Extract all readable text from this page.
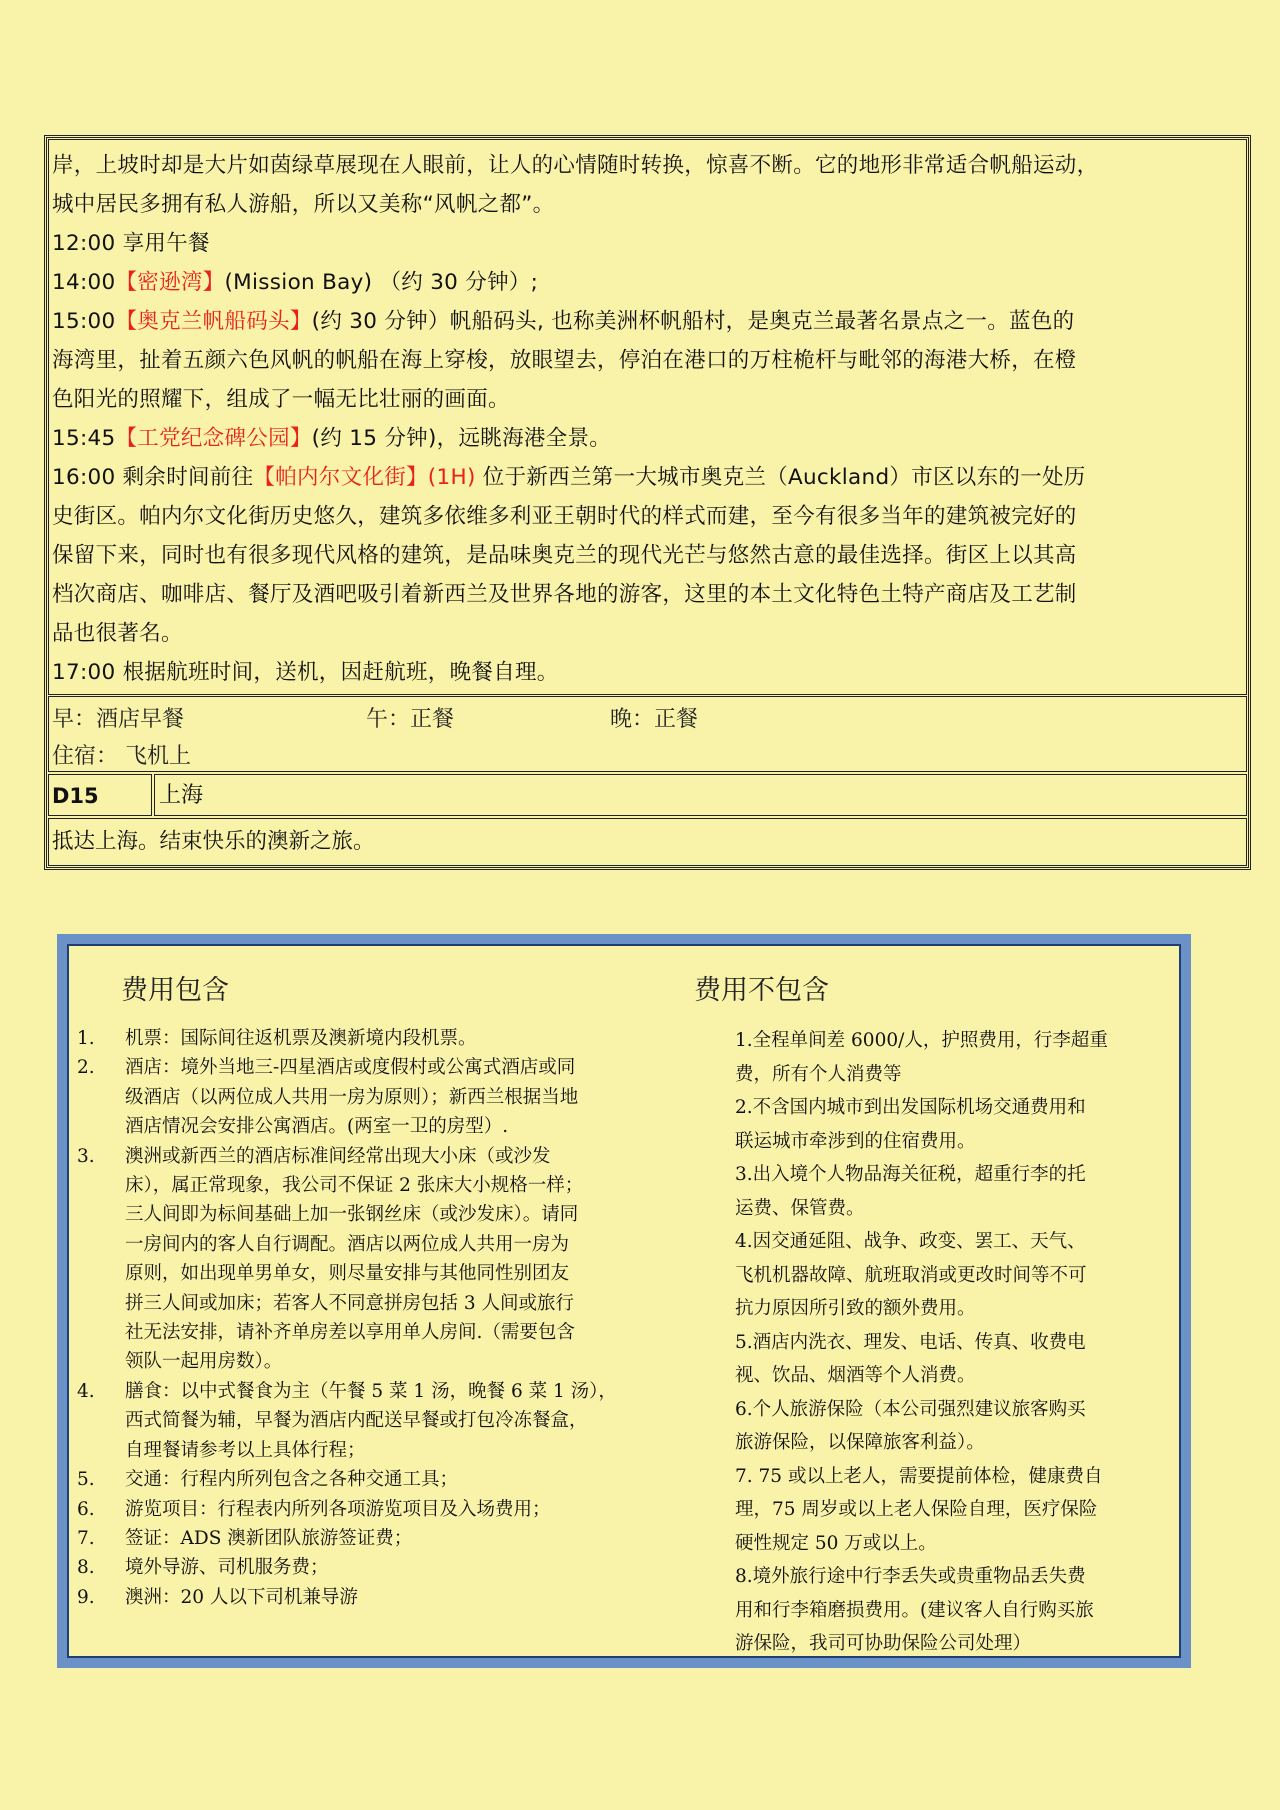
岸，上坡时却是大片如茵绿草展现在人眼前，让人的心情随时转换，惊喜不断。它的地形非常适合帆船运动，

城中居民多拥有私人游船，所以又美称“风帆之都”。

12:00 享用午餐

14:00【密逊湾】(Mission Bay) （约 30 分钟）;

15:00【奥克兰帆船码头】(约 30 分钟）帆船码头, 也称美洲杯帆船村，是奥克兰最著名景点之一。蓝色的

海湾里，扯着五颜六色风帆的帆船在海上穿梭，放眼望去，停泊在港口的万柱桅杆与毗邻的海港大桥，在橙

色阳光的照耀下，组成了一幅无比壮丽的画面。

15:45【工党纪念碑公园】(约 15 分钟)，远眺海港全景。

16:00 剩余时间前往【帕内尔文化街】(1H) 位于新西兰第一大城市奥克兰（Auckland）市区以东的一处历

史街区。帕内尔文化街历史悠久，建筑多依维多利亚王朝时代的样式而建，至今有很多当年的建筑被完好的

保留下来，同时也有很多现代风格的建筑，是品味奥克兰的现代光芒与悠然古意的最佳选择。街区上以其高

档次商店、咖啡店、餐厅及酒吧吸引着新西兰及世界各地的游客，这里的本土文化特色土特产商店及工艺制

品也很著名。

17:00 根据航班时间，送机，因赶航班，晚餐自理。

早：酒店早餐	午：正餐	晚：正餐
住宿： 飞机上
D15	上海
抵达上海。结束快乐的澳新之旅。
费用包含	费用不包含
1.	机票：国际间往返机票及澳新境内段机票。
2.	酒店：境外当地三-四星酒店或度假村或公寓式酒店或同
级酒店（以两位成人共用一房为原则）；新西兰根据当地
酒店情况会安排公寓酒店。(两室一卫的房型）.
3.	澳洲或新西兰的酒店标准间经常出现大小床（或沙发
床），属正常现象，我公司不保证 2 张床大小规格一样；
三人间即为标间基础上加一张钢丝床（或沙发床）。请同
一房间内的客人自行调配。酒店以两位成人共用一房为
原则，如出现单男单女，则尽量安排与其他同性别团友
拼三人间或加床；若客人不同意拼房包括 3 人间或旅行
社无法安排，请补齐单房差以享用单人房间.（需要包含
领队一起用房数）。
4.	膳食：以中式餐食为主（午餐 5 菜 1 汤，晚餐 6 菜 1 汤），
西式简餐为辅，早餐为酒店内配送早餐或打包冷冻餐盒，
自理餐请参考以上具体行程；
5.	交通：行程内所列包含之各种交通工具；
6.	游览项目：行程表内所列各项游览项目及入场费用；
7.	签证：ADS 澳新团队旅游签证费；
8.	境外导游、司机服务费；
9.	澳洲：20 人以下司机兼导游
1.全程单间差 6000/人，护照费用，行李超重
费，所有个人消费等
2.不含国内城市到出发国际机场交通费用和
联运城市牵涉到的住宿费用。
3.出入境个人物品海关征税，超重行李的托
运费、保管费。
4.因交通延阻、战争、政变、罢工、天气、
飞机机器故障、航班取消或更改时间等不可
抗力原因所引致的额外费用。
5.酒店内洗衣、理发、电话、传真、收费电
视、饮品、烟酒等个人消费。
6.个人旅游保险（本公司强烈建议旅客购买
旅游保险，以保障旅客利益）。
7. 75 或以上老人，需要提前体检，健康费自
理，75 周岁或以上老人保险自理，医疗保险
硬性规定 50 万或以上。
8.境外旅行途中行李丢失或贵重物品丢失费
用和行李箱磨损费用。(建议客人自行购买旅
游保险，我司可协助保险公司处理）
